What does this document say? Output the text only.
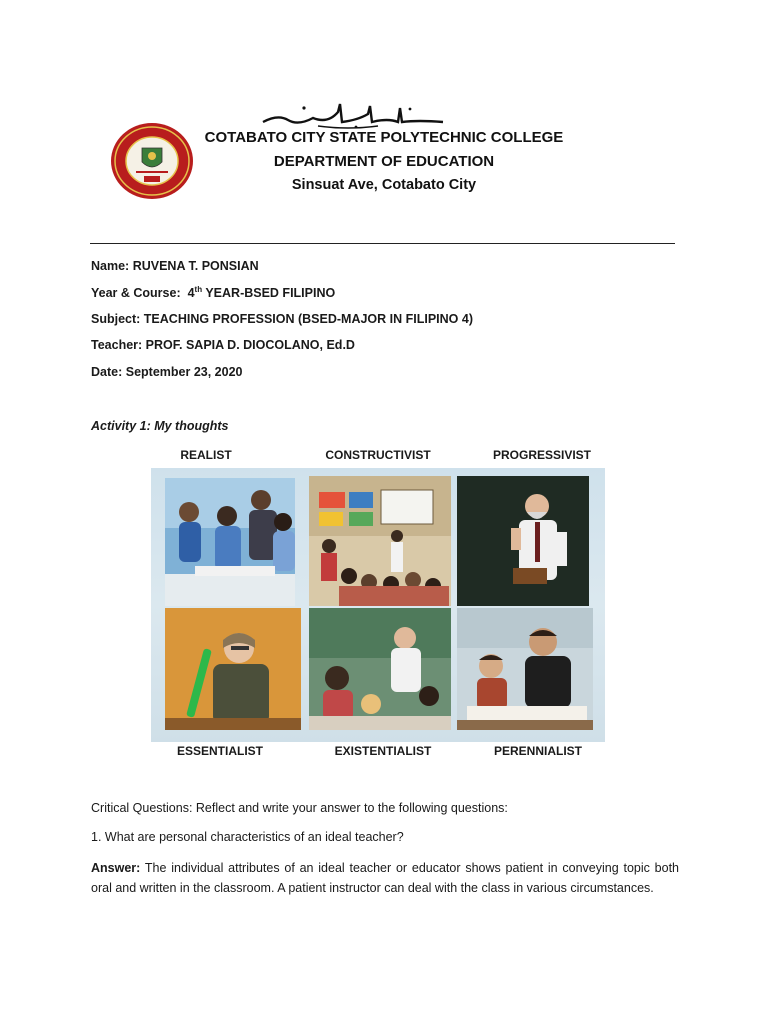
COTABATO CITY STATE POLYTECHNIC COLLEGE
DEPARTMENT OF EDUCATION
Sinsuat Ave, Cotabato City
Name: RUVENA T. PONSIAN
Year & Course: 4th YEAR-BSED FILIPINO
Subject: TEACHING PROFESSION (BSED-MAJOR IN FILIPINO 4)
Teacher: PROF. SAPIA D. DIOCOLANO, Ed.D
Date: September 23, 2020
Activity 1: My thoughts
REALIST	CONSTRUCTIVIST	PROGRESSIVIST
ESSENTIALIST	EXISTENTIALIST	PERENNIALIST
Critical Questions: Reflect and write your answer to the following questions:
1. What are personal characteristics of an ideal teacher?
Answer: The individual attributes of an ideal teacher or educator shows patient in conveying topic both oral and written in the classroom. A patient instructor can deal with the class in various circumstances.
